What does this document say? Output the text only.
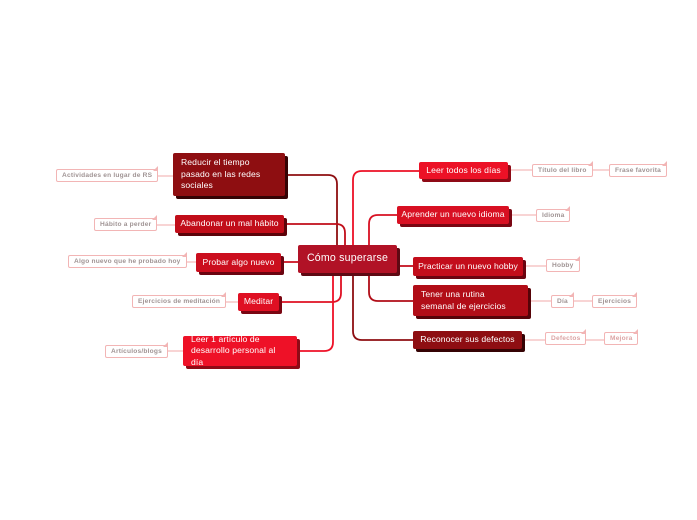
Cómo superarse
Reducir el tiempo pasado en las redes sociales
Abandonar un mal hábito
Probar algo nuevo
Meditar
Leer 1 artículo de desarrollo personal al día
Leer todos los días
Aprender un nuevo idioma
Practicar un nuevo hobby
Tener una rutina semanal de ejercicios
Reconocer sus defectos
Actividades en lugar de RS
Hábito a perder
Algo nuevo que he probado hoy
Ejercicios de meditación
Artículos/blogs
Título del libro	Frase favorita
Idioma
Hobby
Día	Ejercicios
Defectos	Mejora
